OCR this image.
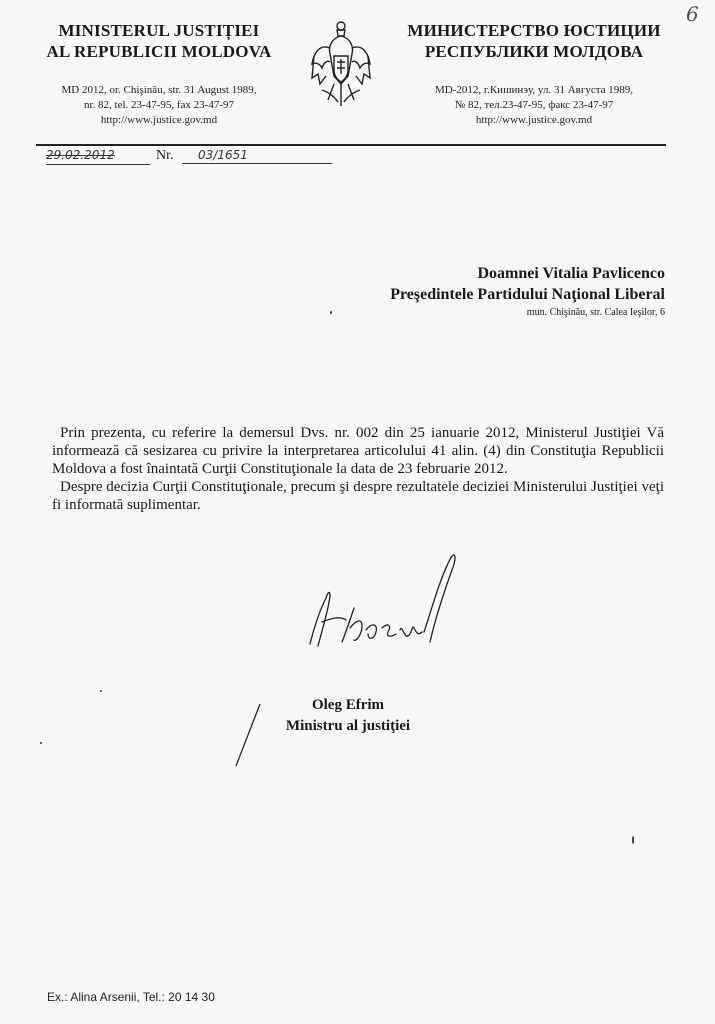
6
MINISTERUL JUSTIȚIEI
AL REPUBLICII MOLDOVA
MD 2012, or. Chişinău, str. 31 August 1989,
nr. 82, tel. 23-47-95, fax 23-47-97
http://www.justice.gov.md
МИНИСТЕРСТВО ЮСТИЦИИ
РЕСПУБЛИКИ МОЛДОВА
MD-2012, г.Кишинэу, ул. 31 Августа 1989,
№ 82, тел.23-47-95, факс 23-47-97
http://www.justice.gov.md
29.02.2012	Nr.	03/1651
Doamnei Vitalia Pavlicenco
Preşedintele Partidului Naţional Liberal
mun. Chişinău, str. Calea Ieşilor, 6

Prin prezenta, cu referire la demersul Dvs. nr. 002 din 25 ianuarie 2012, Ministerul Justiţiei Vă informează că sesizarea cu privire la interpretarea articolului 41 alin. (4) din Constituţia Republicii Moldova a fost înaintată Curţii Constituţionale la data de 23 februarie 2012.

Despre decizia Curţii Constituţionale, precum şi despre rezultatele deciziei Ministerului Justiţiei veţi fi informată suplimentar.

Oleg Efrim
Ministru al justiţiei
Ex.: Alina Arsenii, Tel.: 20 14 30
